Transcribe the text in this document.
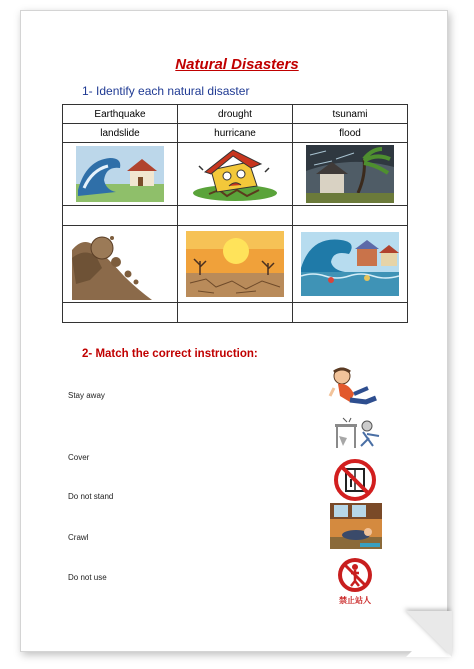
Natural Disasters
1- Identify each natural disaster
Earthquake	drought	tsunami
landslide	hurricane	flood

2- Match the correct instruction:
Stay away
Cover
Do not stand
Crawl
Do not use
禁止站人
